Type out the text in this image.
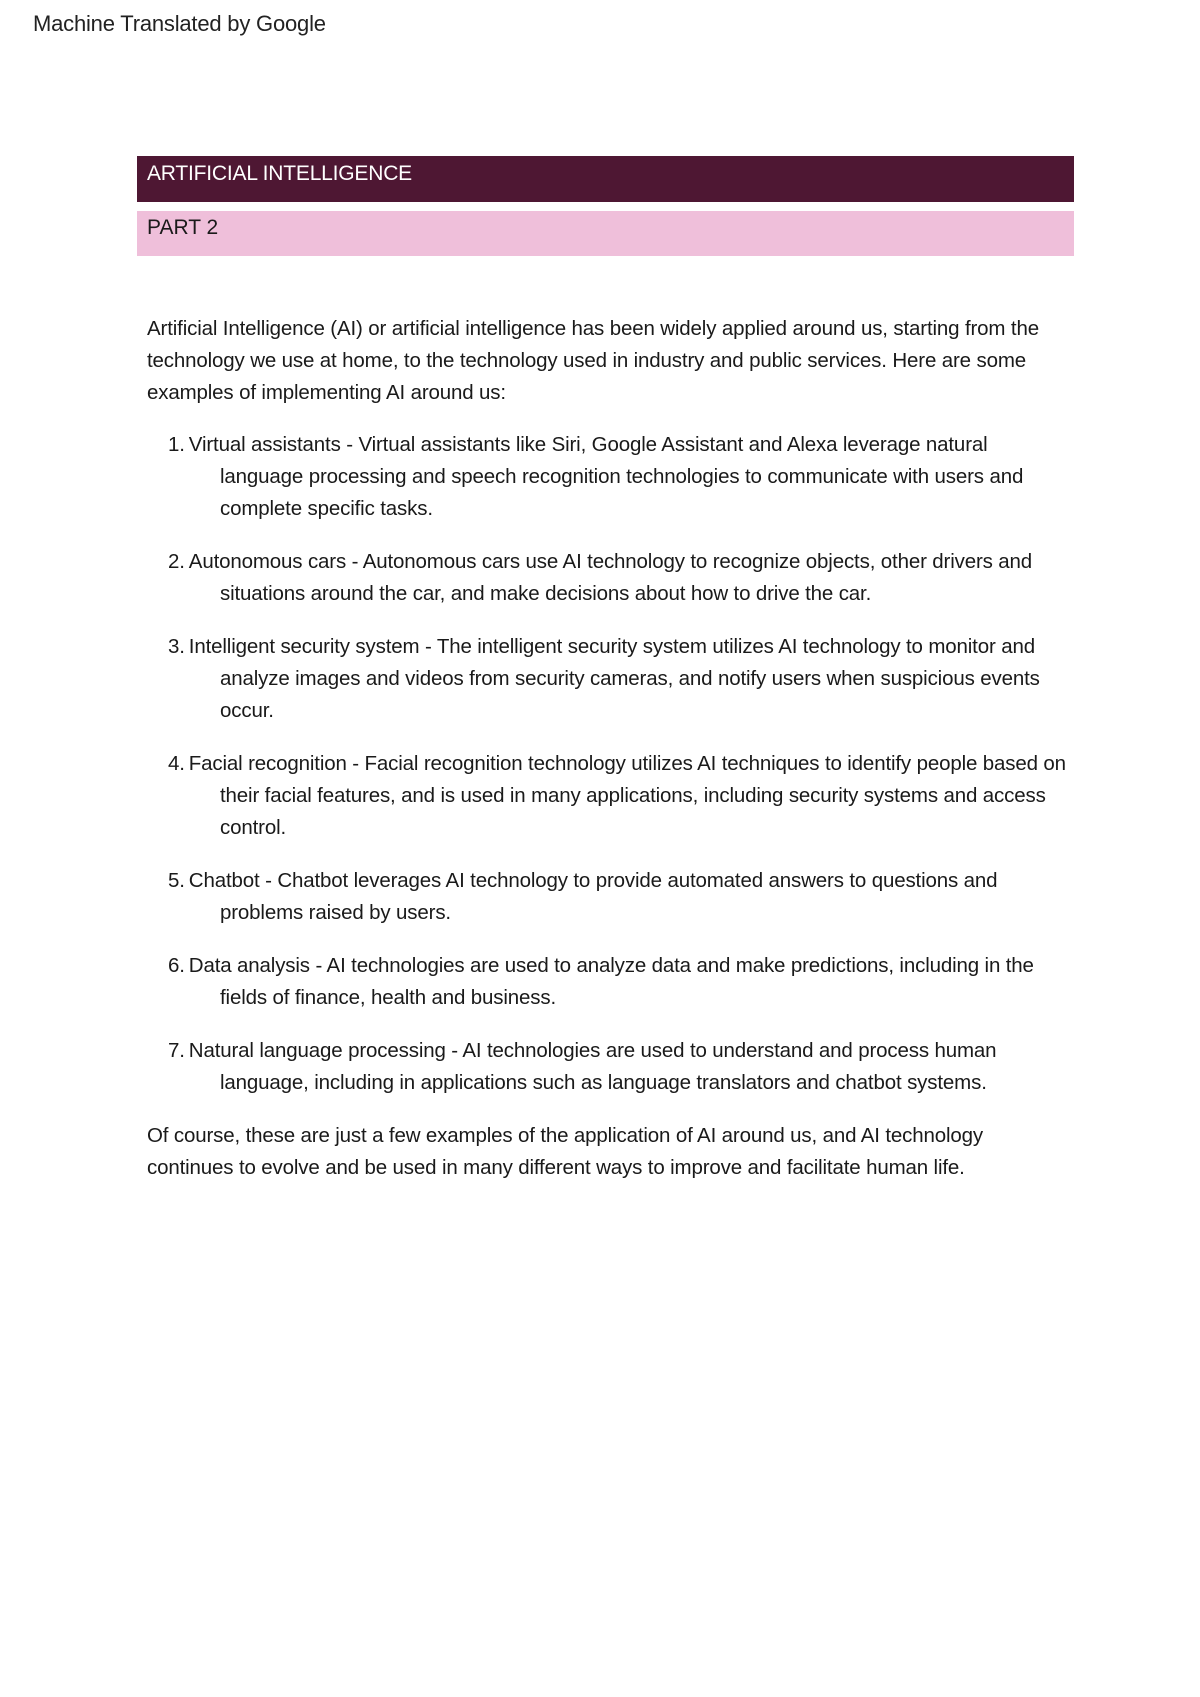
Machine Translated by Google
ARTIFICIAL INTELLIGENCE
PART 2

Artificial Intelligence (AI) or artificial intelligence has been widely applied around us, starting from the technology we use at home, to the technology used in industry and public services. Here are some examples of implementing AI around us:

1. Virtual assistants - Virtual assistants like Siri, Google Assistant and Alexa leverage natural language processing and speech recognition technologies to communicate with users and complete specific tasks.
2. Autonomous cars - Autonomous cars use AI technology to recognize objects, other drivers and situations around the car, and make decisions about how to drive the car.
3. Intelligent security system - The intelligent security system utilizes AI technology to monitor and analyze images and videos from security cameras, and notify users when suspicious events occur.
4. Facial recognition - Facial recognition technology utilizes AI techniques to identify people based on their facial features, and is used in many applications, including security systems and access control.
5. Chatbot - Chatbot leverages AI technology to provide automated answers to questions and problems raised by users.
6. Data analysis - AI technologies are used to analyze data and make predictions, including in the fields of finance, health and business.
7. Natural language processing - AI technologies are used to understand and process human language, including in applications such as language translators and chatbot systems.

Of course, these are just a few examples of the application of AI around us, and AI technology continues to evolve and be used in many different ways to improve and facilitate human life.
